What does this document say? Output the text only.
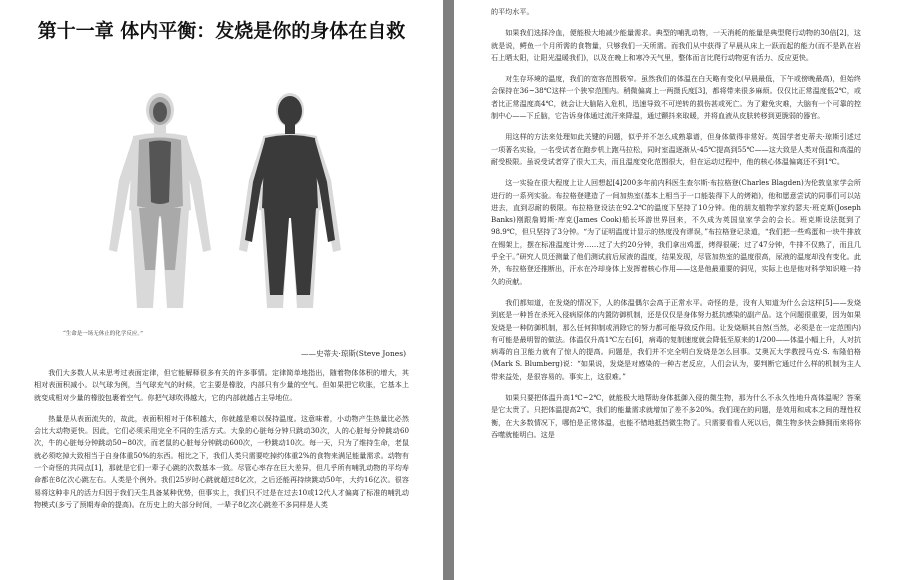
第十一章 体内平衡：发烧是你的身体在自救
“生命是一场无休止的化学反应。”
——史蒂夫·琼斯(Steve Jones)

我们大多数人从未思考过表面定律，但它能解释很多有关的许多事情。定律简单地指出，随着物体体积的增大，其相对表面积减小。以气球为例，当气球充气的时候，它主要是橡胶，内部只有少量的空气。但如果把它吹胀，它基本上就变成相对少量的橡胶包裹着空气。你把气球吹得越大，它的内部就越占主导地位。

热量是从表面流失的，故此，表面积相对于体积越大，你就越是难以保持温度。这意味着，小动物产生热量比必然会比大动物更快。因此，它们必须采用完全不同的生活方式。大象的心脏每分钟只跳动30次，人的心脏每分钟跳动60次，牛的心脏每分钟跳动50~80次，而老鼠的心脏每分钟跳动600次，一秒跳动10次。每一天，只为了维持生命，老鼠就必须吃掉大致相当于自身体重50%的东西。相比之下，我们人类只需要吃掉约体重2%的食物来满足能量需求。动物有一个奇怪的共同点[1]，那就是它们一辈子心跳的次数基本一致。尽管心率存在巨大差异，但几乎所有哺乳动物的平均寿命都在8亿次心跳左右。人类是个例外。我们25岁时心跳就超过8亿次，之后还能再持续跳动50年，大约16亿次。很容易将这种非凡的活力归因于我们天生具备某种优势，但事实上，我们只不过是在过去10或12代人才偏离了标准的哺乳动物模式(多亏了预期寿命的提高)。在历史上的大部分时间，一辈子8亿次心跳差不多同样是人类

的平均水平。

如果我们选择冷血，便能极大地减少能量需求。典型的哺乳动物，一天消耗的能量是典型爬行动物的30倍[2]，这就是说，鳄鱼一个月所需的食物量，只够我们一天所需。而我们从中获得了早晨从床上一跃而起的能力(而不是趴在岩石上晒太阳，让阳光温暖我们)，以及在晚上和寒冷天气里，整体而言比爬行动物更有活力、反应更快。

对生存环境的温度，我们的宽容范围极窄。虽然我们的体温在白天略有变化(早晨最低，下午或傍晚最高)，但始终会保持在36~38℃这样一个狭窄范围内。稍微偏离上一两摄氏度[3]，都将带来很多麻烦。仅仅比正常温度低2℃，或者比正常温度高4℃，就会让大脑陷入危机，迅速导致不可逆转的损伤甚或死亡。为了避免灾难，大脑有一个可靠的控制中心——下丘脑，它告诉身体通过流汗来降温，通过颤抖来取暖，并将血液从皮肤转移到更脆弱的器官。

用这样的方法来处理如此关键的问题，似乎并不怎么成熟靠谱，但身体做得非常好。英国学者史蒂夫·琼斯引述过一项著名实验，一名受试者在跑步机上跑马拉松，同时室温逐渐从-45℃提高到55℃——这大致是人类对低温和高温的耐受极限。虽说受试者穿了很大工夫，而且温度变化范围很大，但在运动过程中，他的核心体温偏离还不到1℃。

这一实验在很大程度上让人回想起[4]200多年前内科医生查尔斯·布拉格登(Charles Blagden)为伦敦皇家学会所进行的一系列实验。布拉格登建造了一间加热室(基本上相当于一口能装得下人的烤箱)，他和愿意尝试的同事们可以站进去，直到忍耐的极限。布拉格登设法在92.2℃的温度下坚持了10分钟。他的朋友植物学家约瑟夫·班克斯(Joseph Banks)刚跟詹姆斯·库克(James Cook)船长环游世界回来，不久成为英国皇家学会的会长。班克斯设法挺到了98.9℃，但只坚持了3分钟。“为了证明温度计显示的热度没有谬误，”布拉格登记录道，“我们把一些鸡蛋和一块牛排放在锡架上，摆在标准温度计旁……过了大约20分钟，我们拿出鸡蛋，烤得很硬；过了47分钟，牛排不仅熟了，而且几乎全干。”研究人员还测量了他们测试前后尿液的温度，结果发现，尽管加热室的温度很高，尿液的温度却没有变化。此外，布拉格登还推断出，汗水在冷却身体上发挥着核心作用——这是他最重要的洞见，实际上也是他对科学知识唯一持久的贡献。

我们都知道，在发烧的情况下，人的体温偶尔会高于正常水平。奇怪的是，没有人知道为什么会这样[5]——发烧到底是一种旨在杀死入侵病原体的内置防御机制，还是仅仅是身体努力抵抗感染的副产品。这个问题很重要，因为如果发烧是一种防御机制，那么任何抑制或消除它的努力都可能导致反作用。让发烧顺其自然(当然，必须是在一定范围内)有可能是最明智的做法。体温仅升高1℃左右[6]，病毒的复制速度就会降低至原来的1/200——体温小幅上升，人对抗病毒的自卫能力就有了惊人的提高。问题是，我们并不完全明白发烧是怎么回事。艾奥瓦大学教授马克·S. 布隆伯格(Mark S. Blumberg)说：“如果说，发烧是对感染的一种古老反应，人们会认为，要判断它通过什么样的机制为主人带来益处，是很容易的。事实上，这很难。”

如果只要把体温升高1℃~2℃，就能极大地帮助身体抵御入侵的微生物，那为什么不永久性地升高体温呢？答案是它太贵了。只把体温提高2℃，我们的能量需求就增加了差不多20%。我们现在的问题，是效用和成本之间的理性权衡，在大多数情况下，哪怕是正常体温，也能不错地抵挡微生物了。只需要看看人死以后，微生物多快会蜂拥而来将你吞噬就能明白。这是
